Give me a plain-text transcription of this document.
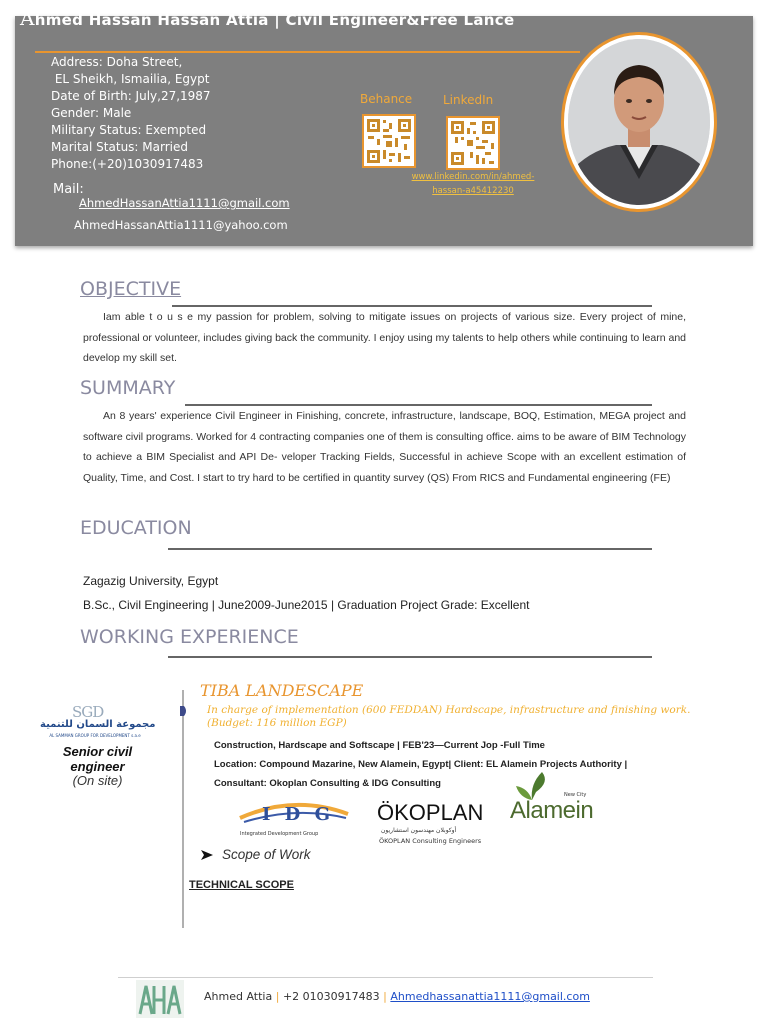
Ahmed Hassan Hassan Attia | Civil Engineer&Free Lance
Address: Doha Street,
EL Sheikh, Ismailia, Egypt
Date of Birth: July,27,1987
Gender: Male
Military Status: Exempted
Marital Status: Married
Phone:(+20)1030917483
Mail:
AhmedHassanAttia1111@gmail.com
AhmedHassanAttia1111@yahoo.com
Behance	LinkedIn
www.linkedin.com/in/ahmed-
hassan-a45412230
OBJECTIVE
Iam able t o u s e my passion for problem, solving to mitigate issues on projects of various size. Every project of mine, professional or volunteer, includes giving back the community. I enjoy using my talents to help others while continuing to learn and develop my skill set.
SUMMARY
An 8 years' experience Civil Engineer in Finishing, concrete, infrastructure, landscape, BOQ, Estimation, MEGA project and software civil programs. Worked for 4 contracting companies one of them is consulting office. aims to be aware of BIM Technology to achieve a BIM Specialist and API De- veloper Tracking Fields, Successful in achieve Scope with an excellent estimation of Quality, Time, and Cost. I start to try hard to be certified in quantity survey (QS) From RICS and Fundamental engineering (FE)
EDUCATION
Zagazig University, Egypt
B.Sc., Civil Engineering | June2009-June2015 | Graduation Project Grade: Excellent
WORKING EXPERIENCE
SGD
مجموعة السمان للتنمية
AL SAMMAN GROUP FOR DEVELOPMENT s.a.e
Senior civil engineer
(On site)
TIBA LANDESCAPE
In charge of implementation (600 FEDDAN) Hardscape, infrastructure and finishing work. (Budget: 116 million EGP)
Construction, Hardscape and Softscape | FEB'23—Current Jop -Full Time
Location: Compound Mazarine, New Alamein, Egypt| Client: EL Alamein Projects Authority |
Consultant: Okoplan Consulting & IDG Consulting
I D G
Integrated Development Group
ÖKOPLAN
أوكوبلان مهندسون استشاريون
ÖKOPLAN Consulting Engineers
New City
Alamein
Scope of Work
TECHNICAL SCOPE
Ahmed Attia | +2 01030917483 | Ahmedhassanattia1111@gmail.com
